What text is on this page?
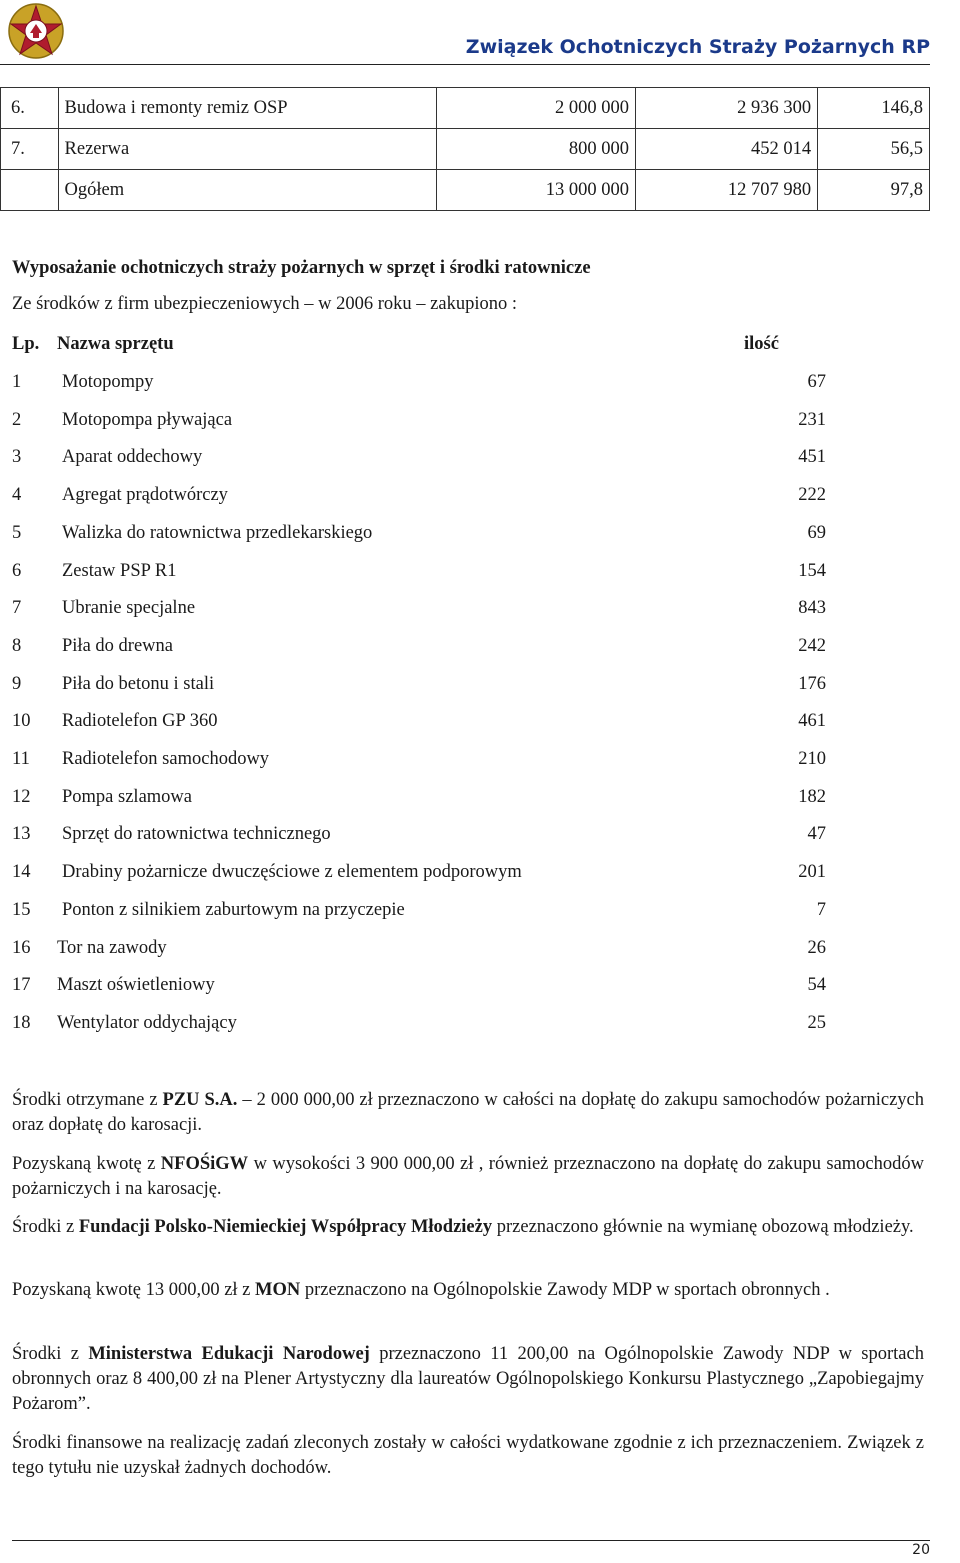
Związek Ochotniczych Straży Pożarnych RP
6.	Budowa i remonty remiz OSP	2 000 000	2 936 300	146,8
7.	Rezerwa	800 000	452 014	56,5
	Ogółem	13 000 000	12 707 980	97,8
Wyposażanie ochotniczych straży pożarnych w sprzęt i środki ratownicze
Ze środków z firm ubezpieczeniowych – w 2006 roku – zakupiono :
Lp. Nazwa sprzętu	ilość
1 Motopompy	67
2 Motopompa pływająca	231
3 Aparat oddechowy	451
4 Agregat prądotwórczy	222
5 Walizka do ratownictwa przedlekarskiego	69
6 Zestaw PSP R1	154
7 Ubranie specjalne	843
8 Piła do drewna	242
9 Piła do betonu i stali	176
10 Radiotelefon GP 360	461
11 Radiotelefon samochodowy	210
12 Pompa szlamowa	182
13 Sprzęt do ratownictwa technicznego	47
14 Drabiny pożarnicze dwuczęściowe z elementem podporowym	201
15 Ponton z silnikiem zaburtowym na przyczepie	7
16 Tor na zawody	26
17 Maszt oświetleniowy	54
18 Wentylator oddychający	25
Środki otrzymane z PZU S.A. – 2 000 000,00 zł przeznaczono w całości na dopłatę do zakupu samochodów pożarniczych oraz dopłatę do karosacji.
Pozyskaną kwotę z NFOŚiGW w wysokości 3 900 000,00 zł , również przeznaczono na dopłatę do zakupu samochodów pożarniczych i na karosację.
Środki z Fundacji Polsko-Niemieckiej Współpracy Młodzieży przeznaczono głównie na wymianę obozową młodzieży.
Pozyskaną kwotę 13 000,00 zł z MON przeznaczono na Ogólnopolskie Zawody MDP w sportach obronnych .
Środki z Ministerstwa Edukacji Narodowej przeznaczono 11 200,00 na Ogólnopolskie Zawody NDP w sportach obronnych oraz 8 400,00 zł na Plener Artystyczny dla laureatów Ogólnopolskiego Konkursu Plastycznego „Zapobiegajmy Pożarom”.
Środki finansowe na realizację zadań zleconych zostały w całości wydatkowane zgodnie z ich przeznaczeniem. Związek z tego tytułu nie uzyskał żadnych dochodów.
20
